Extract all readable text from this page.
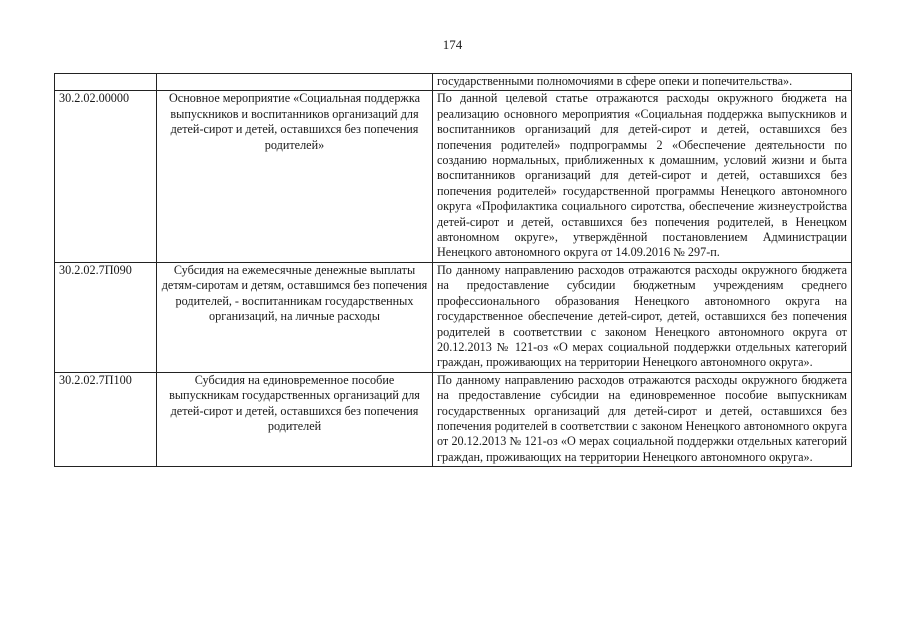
174
		государственными полномочиями в сфере опеки и попечительства».
30.2.02.00000	Основное мероприятие «Социальная поддержка выпускников и воспитанников организаций для детей-сирот и детей, оставшихся без попечения родителей»	По данной целевой статье отражаются расходы окружного бюджета на реализацию основного мероприятия «Социальная поддержка выпускников и воспитанников организаций для детей-сирот и детей, оставшихся без попечения родителей» подпрограммы 2 «Обеспечение деятельности по созданию нормальных, приближенных к домашним, условий жизни и быта воспитанников организаций для детей-сирот и детей, оставшихся без попечения родителей» государственной программы Ненецкого автономного округа «Профилактика социального сиротства, обеспечение жизнеустройства детей-сирот и детей, оставшихся без попечения родителей, в Ненецком автономном округе», утверждённой постановлением Администрации Ненецкого автономного округа от 14.09.2016 № 297-п.
30.2.02.7П090	Субсидия на ежемесячные денежные выплаты детям-сиротам и детям, оставшимся без попечения родителей, - воспитанникам государственных организаций, на личные расходы	По данному направлению расходов отражаются расходы окружного бюджета на предоставление субсидии бюджетным учреждениям среднего профессионального образования Ненецкого автономного округа на государственное обеспечение детей-сирот, детей, оставшихся без попечения родителей в соответствии с законом Ненецкого автономного округа от 20.12.2013 № 121-оз «О мерах социальной поддержки отдельных категорий граждан, проживающих на территории Ненецкого автономного округа».
30.2.02.7П100	Субсидия на единовременное пособие выпускникам государственных организаций для детей-сирот и детей, оставшихся без попечения родителей	По данному направлению расходов отражаются расходы окружного бюджета на предоставление субсидии на единовременное пособие выпускникам государственных организаций для детей-сирот и детей, оставшихся без попечения родителей в соответствии с законом Ненецкого автономного округа от 20.12.2013 № 121-оз «О мерах социальной поддержки отдельных категорий граждан, проживающих на территории Ненецкого автономного округа».
